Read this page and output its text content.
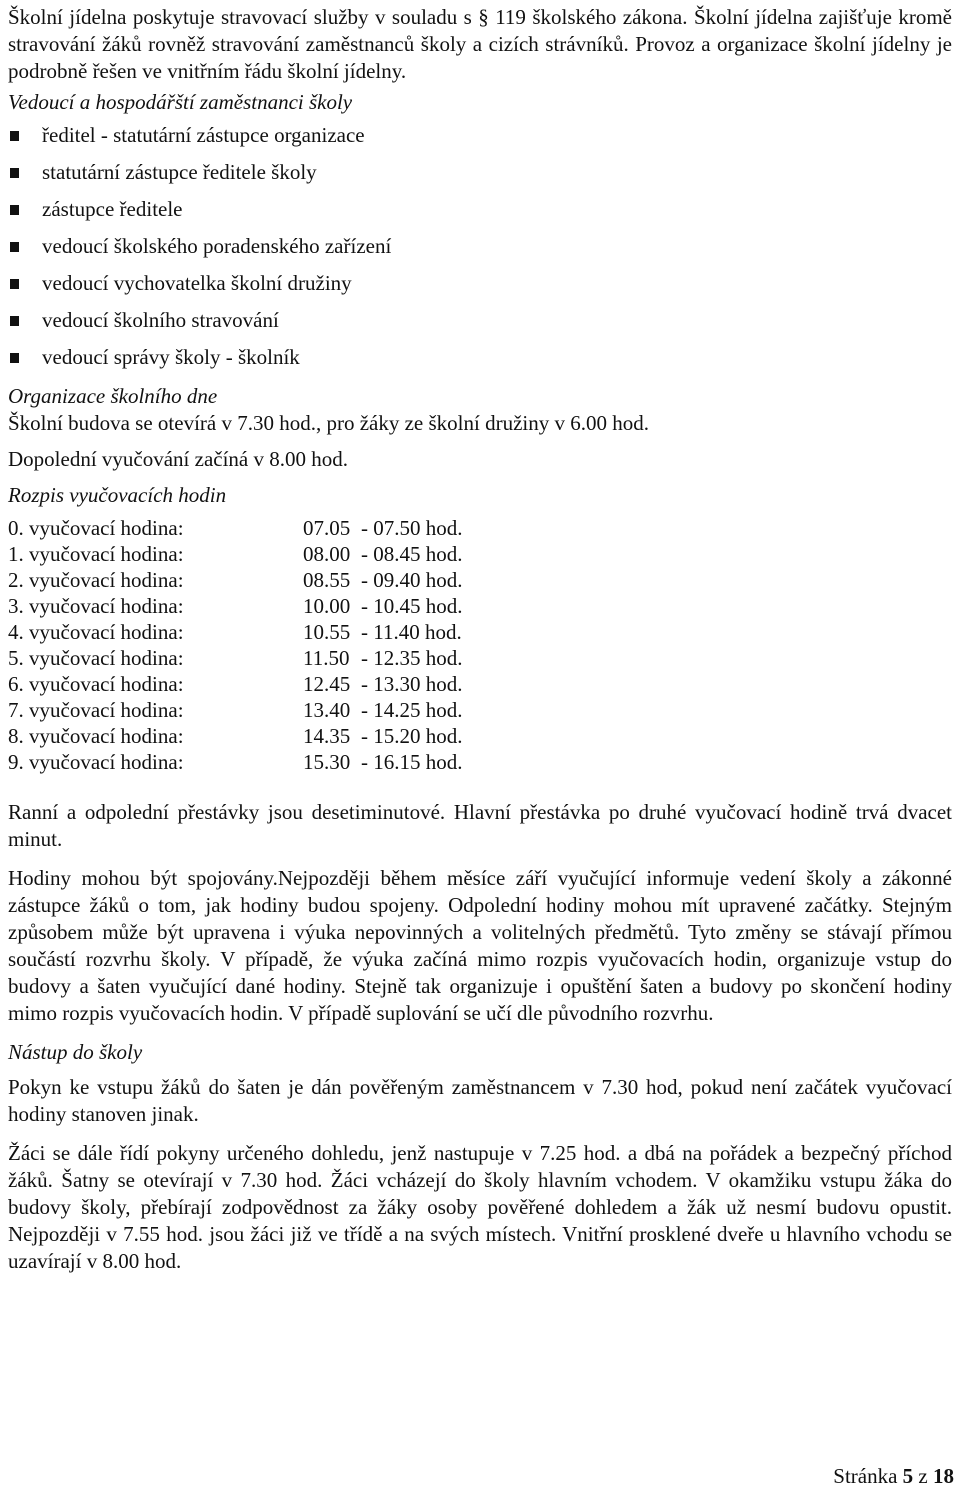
Školní jídelna poskytuje stravovací služby v souladu s § 119 školského zákona. Školní jídelna zajišťuje kromě stravování žáků rovněž stravování zaměstnanců školy a cizích strávníků. Provoz a organizace školní jídelny je podrobně řešen ve vnitřním řádu školní jídelny.

Vedoucí a hospodářští zaměstnanci školy
ředitel - statutární zástupce organizace
statutární zástupce ředitele školy
zástupce ředitele
vedoucí školského poradenského zařízení
vedoucí vychovatelka školní družiny
vedoucí školního stravování
vedoucí správy školy - školník
Organizace školního dne

Školní budova se otevírá v 7.30 hod., pro žáky ze školní družiny v 6.00 hod.

Dopolední vyučování začíná v 8.00 hod.

Rozpis vyučovacích hodin
0. vyučovací hodina:	07.05 - 07.50 hod.
1. vyučovací hodina:	08.00 - 08.45 hod.
2. vyučovací hodina:	08.55 - 09.40 hod.
3. vyučovací hodina:	10.00 - 10.45 hod.
4. vyučovací hodina:	10.55 - 11.40 hod.
5. vyučovací hodina:	11.50 - 12.35 hod.
6. vyučovací hodina:	12.45 - 13.30 hod.
7. vyučovací hodina:	13.40 - 14.25 hod.
8. vyučovací hodina:	14.35 - 15.20 hod.
9. vyučovací hodina:	15.30 - 16.15 hod.

Ranní a odpolední přestávky jsou desetiminutové. Hlavní přestávka po druhé vyučovací hodině trvá dvacet minut.

Hodiny mohou být spojovány.Nejpozději během měsíce září vyučující informuje vedení školy a zákonné zástupce žáků o tom, jak hodiny budou spojeny. Odpolední hodiny mohou mít upravené začátky. Stejným způsobem může být upravena i výuka nepovinných a volitelných předmětů. Tyto změny se stávají přímou součástí rozvrhu školy. V případě, že výuka začíná mimo rozpis vyučovacích hodin, organizuje vstup do budovy a šaten vyučující dané hodiny. Stejně tak organizuje i opuštění šaten a budovy po skončení hodiny mimo rozpis vyučovacích hodin. V případě suplování se učí dle původního rozvrhu.

Nástup do školy

Pokyn ke vstupu žáků do šaten je dán pověřeným zaměstnancem v 7.30 hod, pokud není začátek vyučovací hodiny stanoven jinak.

Žáci se dále řídí pokyny určeného dohledu, jenž nastupuje v 7.25 hod. a dbá na pořádek a bezpečný příchod žáků. Šatny se otevírají v 7.30 hod. Žáci vcházejí do školy hlavním vchodem. V okamžiku vstupu žáka do budovy školy, přebírají zodpovědnost za žáky osoby pověřené dohledem a žák už nesmí budovu opustit. Nejpozději v 7.55 hod. jsou žáci již ve třídě a na svých místech. Vnitřní prosklené dveře u hlavního vchodu se uzavírají v 8.00 hod.

Stránka 5 z 18
